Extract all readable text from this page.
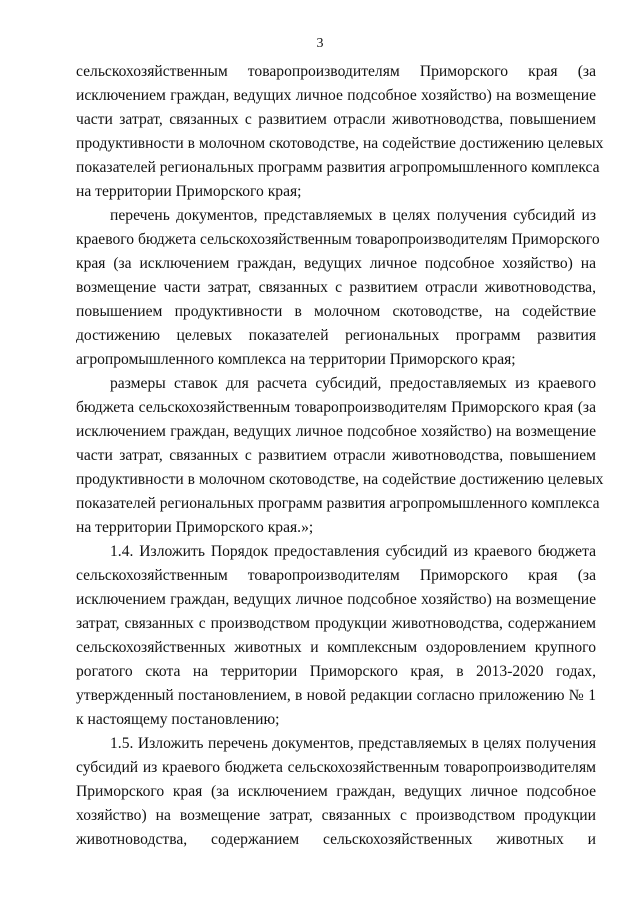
3
сельскохозяйственным товаропроизводителям Приморского края (за
исключением граждан, ведущих личное подсобное хозяйство) на возмещение
части затрат, связанных с развитием отрасли животноводства, повышением
продуктивности в молочном скотоводстве, на содействие достижению целевых
показателей региональных программ развития агропромышленного комплекса
на территории Приморского края;
перечень документов, представляемых в целях получения субсидий из
краевого бюджета сельскохозяйственным товаропроизводителям Приморского
края (за исключением граждан, ведущих личное подсобное хозяйство) на
возмещение части затрат, связанных с развитием отрасли животноводства,
повышением продуктивности в молочном скотоводстве, на содействие
достижению целевых показателей региональных программ развития
агропромышленного комплекса на территории Приморского края;
размеры ставок для расчета субсидий, предоставляемых из краевого
бюджета сельскохозяйственным товаропроизводителям Приморского края (за
исключением граждан, ведущих личное подсобное хозяйство) на возмещение
части затрат, связанных с развитием отрасли животноводства, повышением
продуктивности в молочном скотоводстве, на содействие достижению целевых
показателей региональных программ развития агропромышленного комплекса
на территории Приморского края.»;
1.4. Изложить Порядок предоставления субсидий из краевого бюджета
сельскохозяйственным товаропроизводителям Приморского края (за
исключением граждан, ведущих личное подсобное хозяйство) на возмещение
затрат, связанных с производством продукции животноводства, содержанием
сельскохозяйственных животных и комплексным оздоровлением крупного
рогатого скота на территории Приморского края, в 2013-2020 годах,
утвержденный постановлением, в новой редакции согласно приложению № 1
к настоящему постановлению;
1.5. Изложить перечень документов, представляемых в целях получения
субсидий из краевого бюджета сельскохозяйственным товаропроизводителям
Приморского края (за исключением граждан, ведущих личное подсобное
хозяйство) на возмещение затрат, связанных с производством продукции
животноводства, содержанием сельскохозяйственных животных и
